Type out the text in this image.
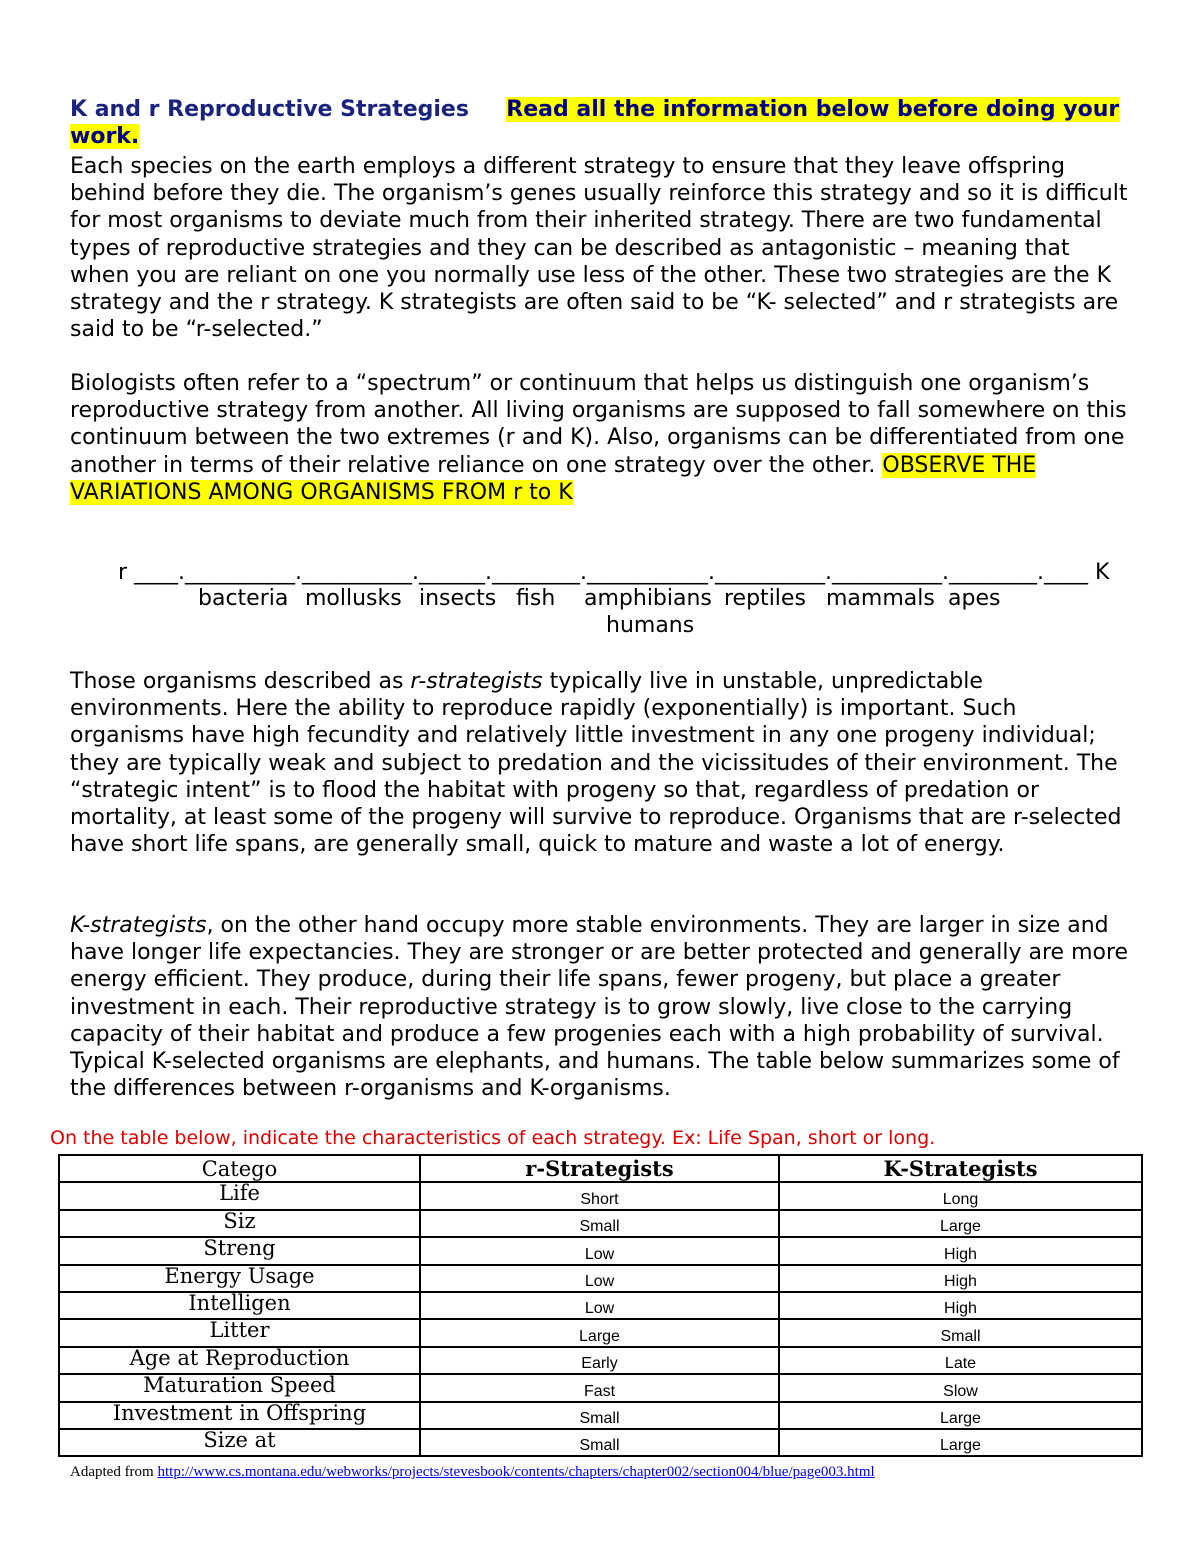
K and r Reproductive Strategies Read all the information below before doing your work.

Each species on the earth employs a different strategy to ensure that they leave offspring behind before they die. The organism’s genes usually reinforce this strategy and so it is difficult for most organisms to deviate much from their inherited strategy. There are two fundamental types of reproductive strategies and they can be described as antagonistic – meaning that when you are reliant on one you normally use less of the other. These two strategies are the K strategy and the r strategy. K strategists are often said to be “K- selected” and r strategists are said to be “r-selected.”

Biologists often refer to a “spectrum” or continuum that helps us distinguish one organism’s reproductive strategy from another. All living organisms are supposed to fall somewhere on this continuum between the two extremes (r and K). Also, organisms can be differentiated from one another in terms of their relative reliance on one strategy over the other. OBSERVE THE VARIATIONS AMONG ORGANISMS FROM r to K

r ____.__________.__________.______.________.___________.__________.__________.________.____ K
bacteria mollusks insects fish amphibians reptiles mammals apes
humans

Those organisms described as r-strategists typically live in unstable, unpredictable environments. Here the ability to reproduce rapidly (exponentially) is important. Such organisms have high fecundity and relatively little investment in any one progeny individual; they are typically weak and subject to predation and the vicissitudes of their environment. The “strategic intent” is to flood the habitat with progeny so that, regardless of predation or mortality, at least some of the progeny will survive to reproduce. Organisms that are r-selected have short life spans, are generally small, quick to mature and waste a lot of energy.

K-strategists, on the other hand occupy more stable environments. They are larger in size and have longer life expectancies. They are stronger or are better protected and generally are more energy efficient. They produce, during their life spans, fewer progeny, but place a greater investment in each. Their reproductive strategy is to grow slowly, live close to the carrying capacity of their habitat and produce a few progenies each with a high probability of survival. Typical K-selected organisms are elephants, and humans. The table below summarizes some of the differences between r-organisms and K-organisms.

On the table below, indicate the characteristics of each strategy. Ex: Life Span, short or long.
Catego	r-Strategists	K-Strategists
Life	Short	Long
Siz	Small	Large
Streng	Low	High
Energy Usage	Low	High
Intelligen	Low	High
Litter	Large	Small
Age at Reproduction	Early	Late
Maturation Speed	Fast	Slow
Investment in Offspring	Small	Large
Size at	Small	Large
Adapted from http://www.cs.montana.edu/webworks/projects/stevesbook/contents/chapters/chapter002/section004/blue/page003.html
